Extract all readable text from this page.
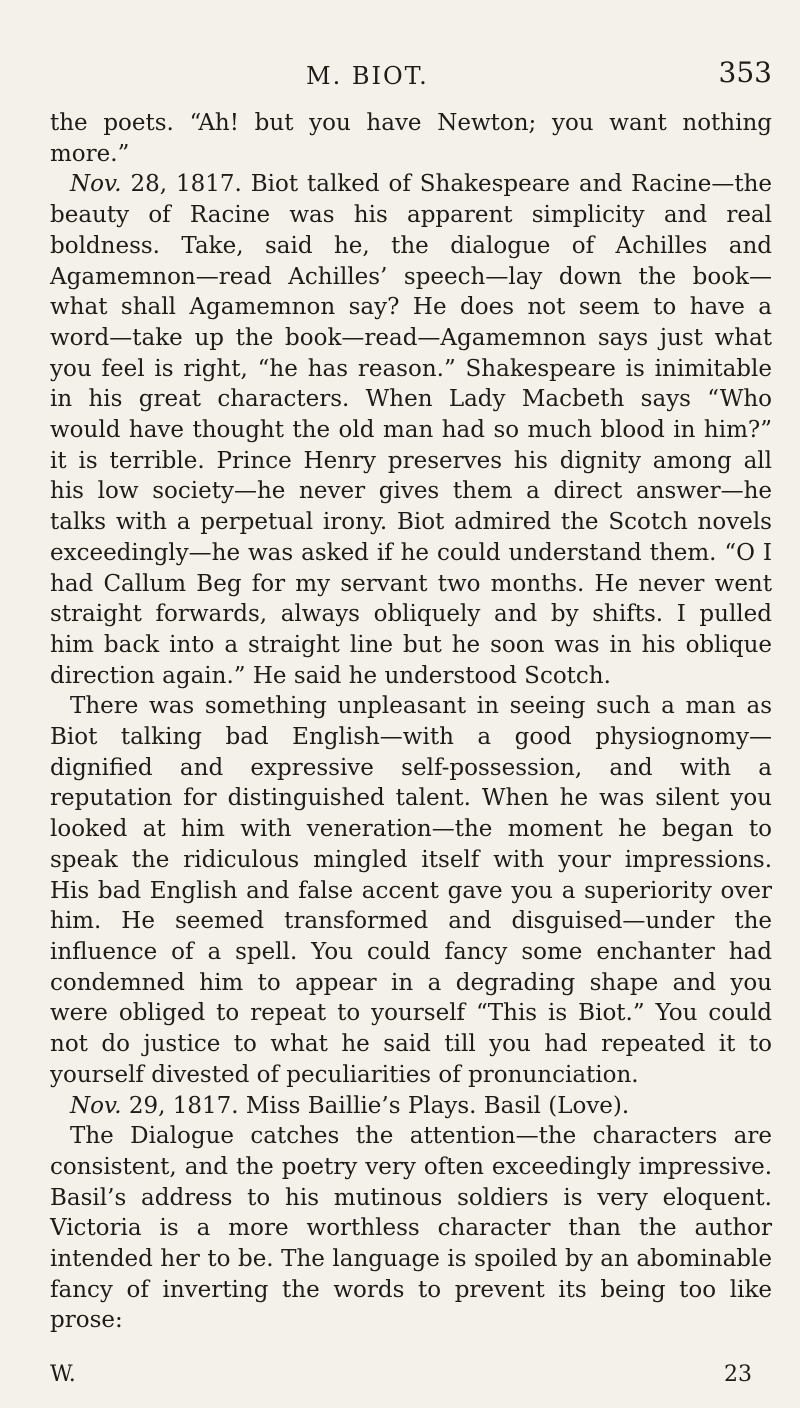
M. BIOT.	353

the poets. “Ah! but you have Newton; you want nothing more.”

Nov. 28, 1817. Biot talked of Shakespeare and Racine—the beauty of Racine was his apparent simplicity and real boldness. Take, said he, the dialogue of Achilles and Agamemnon—read Achilles’ speech—lay down the book—what shall Agamemnon say? He does not seem to have a word—take up the book—read—Agamemnon says just what you feel is right, “he has reason.” Shakespeare is inimitable in his great characters. When Lady Macbeth says “Who would have thought the old man had so much blood in him?” it is terrible. Prince Henry preserves his dignity among all his low society—he never gives them a direct answer—he talks with a perpetual irony. Biot admired the Scotch novels exceedingly—he was asked if he could understand them. “O I had Callum Beg for my servant two months. He never went straight forwards, always obliquely and by shifts. I pulled him back into a straight line but he soon was in his oblique direction again.” He said he understood Scotch.

There was something unpleasant in seeing such a man as Biot talking bad English—with a good physiognomy—dignified and expressive self-possession, and with a reputation for distinguished talent. When he was silent you looked at him with veneration—the moment he began to speak the ridiculous mingled itself with your impressions. His bad English and false accent gave you a superiority over him. He seemed transformed and disguised—under the influence of a spell. You could fancy some enchanter had condemned him to appear in a degrading shape and you were obliged to repeat to yourself “This is Biot.” You could not do justice to what he said till you had repeated it to yourself divested of peculiarities of pronunciation.

Nov. 29, 1817. Miss Baillie’s Plays. Basil (Love).

The Dialogue catches the attention—the characters are consistent, and the poetry very often exceedingly impressive. Basil’s address to his mutinous soldiers is very eloquent. Victoria is a more worthless character than the author intended her to be. The language is spoiled by an abominable fancy of inverting the words to prevent its being too like prose:

W.	23
